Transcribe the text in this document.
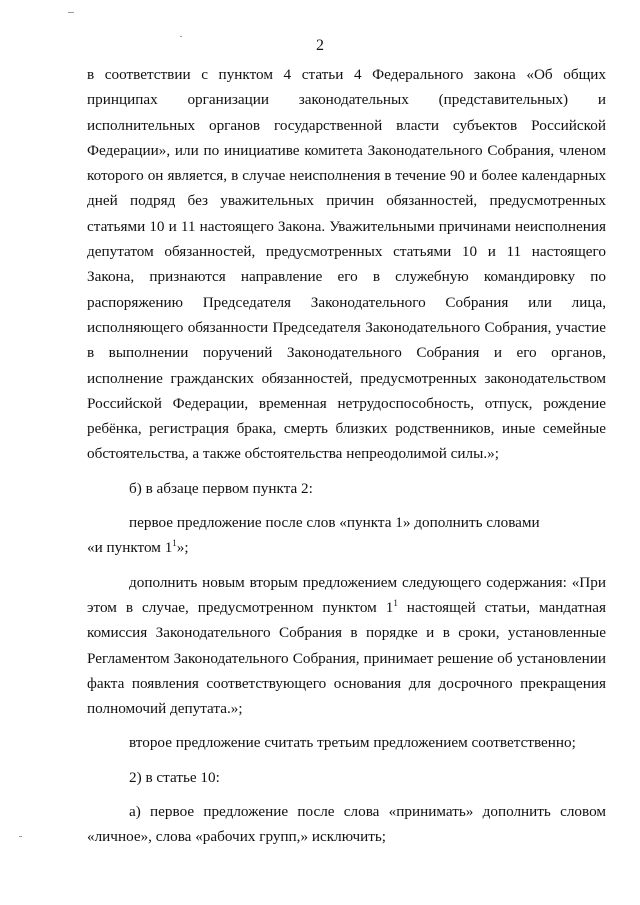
2

в соответствии с пунктом 4 статьи 4 Федерального закона «Об общих принципах организации законодательных (представительных) и исполнительных органов государственной власти субъектов Российской Федерации», или по инициативе комитета Законодательного Собрания, членом которого он является, в случае неисполнения в течение 90 и более календарных дней подряд без уважительных причин обязанностей, предусмотренных статьями 10 и 11 настоящего Закона. Уважительными причинами неисполнения депутатом обязанностей, предусмотренных статьями 10 и 11 настоящего Закона, признаются направление его в служебную командировку по распоряжению Председателя Законодательного Собрания или лица, исполняющего обязанности Председателя Законодательного Собрания, участие в выполнении поручений Законодательного Собрания и его органов, исполнение гражданских обязанностей, предусмотренных законодательством Российской Федерации, временная нетрудоспособность, отпуск, рождение ребёнка, регистрация брака, смерть близких родственников, иные семейные обстоятельства, а также обстоятельства непреодолимой силы.»;

б) в абзаце первом пункта 2:

первое предложение после слов «пункта 1» дополнить словами
«и пунктом $1^1$»;

дополнить новым вторым предложением следующего содержания: «При этом в случае, предусмотренном пунктом $1^1$ настоящей статьи, мандатная комиссия Законодательного Собрания в порядке и в сроки, установленные Регламентом Законодательного Собрания, принимает решение об установлении факта появления соответствующего основания для досрочного прекращения полномочий депутата.»;

второе предложение считать третьим предложением соответственно;

2) в статье 10:

а) первое предложение после слова «принимать» дополнить словом «личное», слова «рабочих групп,» исключить;
